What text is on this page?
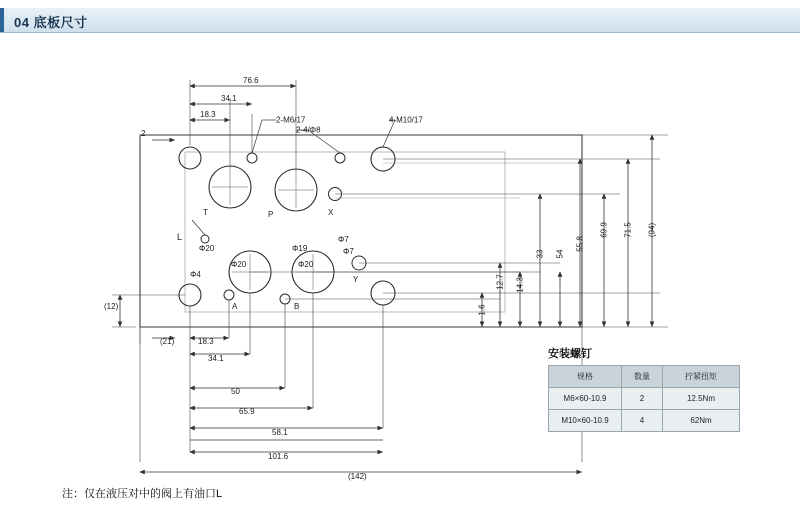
04 底板尺寸
2-M6/17
2-4/Φ8
4-M10/17
76.6
34.1
18.3
2
(21)	18.3
34.1
50
65.9
58.1
101.6
(142)
(12)
(94)
71.5
69.9
55.8
54
33
14.3
12.7
1.6
T	P	X
A	B
Y
L
Φ20	Φ19
Φ7
Φ4
Φ20	Φ20
Φ7
安装螺钉
规格	数量	拧紧扭矩
M6×60-10.9	2	12.5Nm
M10×60-10.9	4	62Nm
注：仅在液压对中的阀上有油口L
